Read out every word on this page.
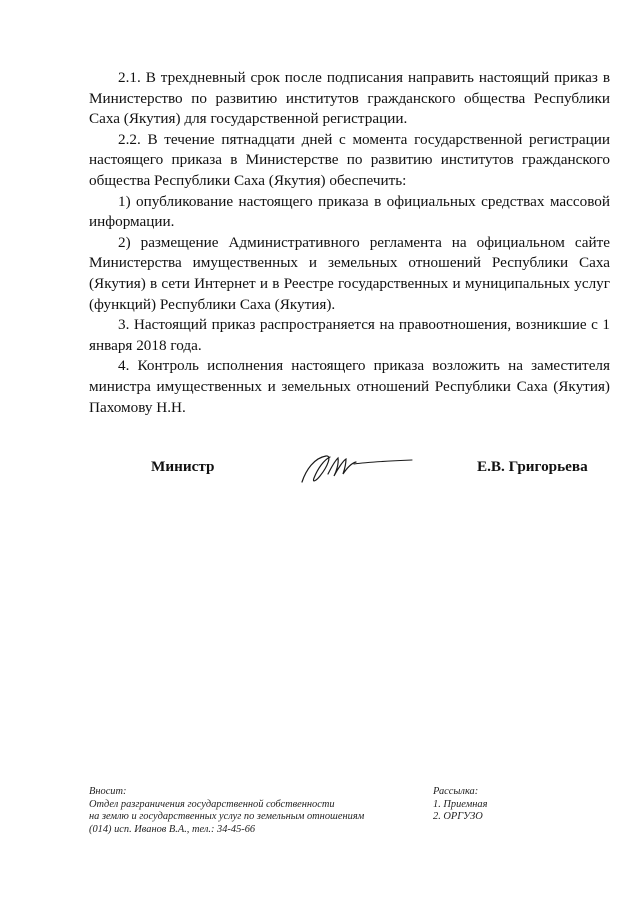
2.1. В трехдневный срок после подписания направить настоящий приказ в Министерство по развитию институтов гражданского общества Республики Саха (Якутия) для государственной регистрации.

2.2. В течение пятнадцати дней с момента государственной регистрации настоящего приказа в Министерстве по развитию институтов гражданского общества Республики Саха (Якутия) обеспечить:

1) опубликование настоящего приказа в официальных средствах массовой информации.

2) размещение Административного регламента на официальном сайте Министерства имущественных и земельных отношений Республики Саха (Якутия) в сети Интернет и в Реестре государственных и муниципальных услуг (функций) Республики Саха (Якутия).

3. Настоящий приказ распространяется на правоотношения, возникшие с 1 января 2018 года.

4. Контроль исполнения настоящего приказа возложить на заместителя министра имущественных и земельных отношений Республики Саха (Якутия) Пахомову Н.Н.

Министр	Е.В. Григорьева
Вносит:
Отдел разграничения государственной собственности
на землю и государственных услуг по земельным отношениям
(014) исп. Иванов В.А., тел.: 34-45-66
Рассылка:
1. Приемная
2. ОРГУЗО
